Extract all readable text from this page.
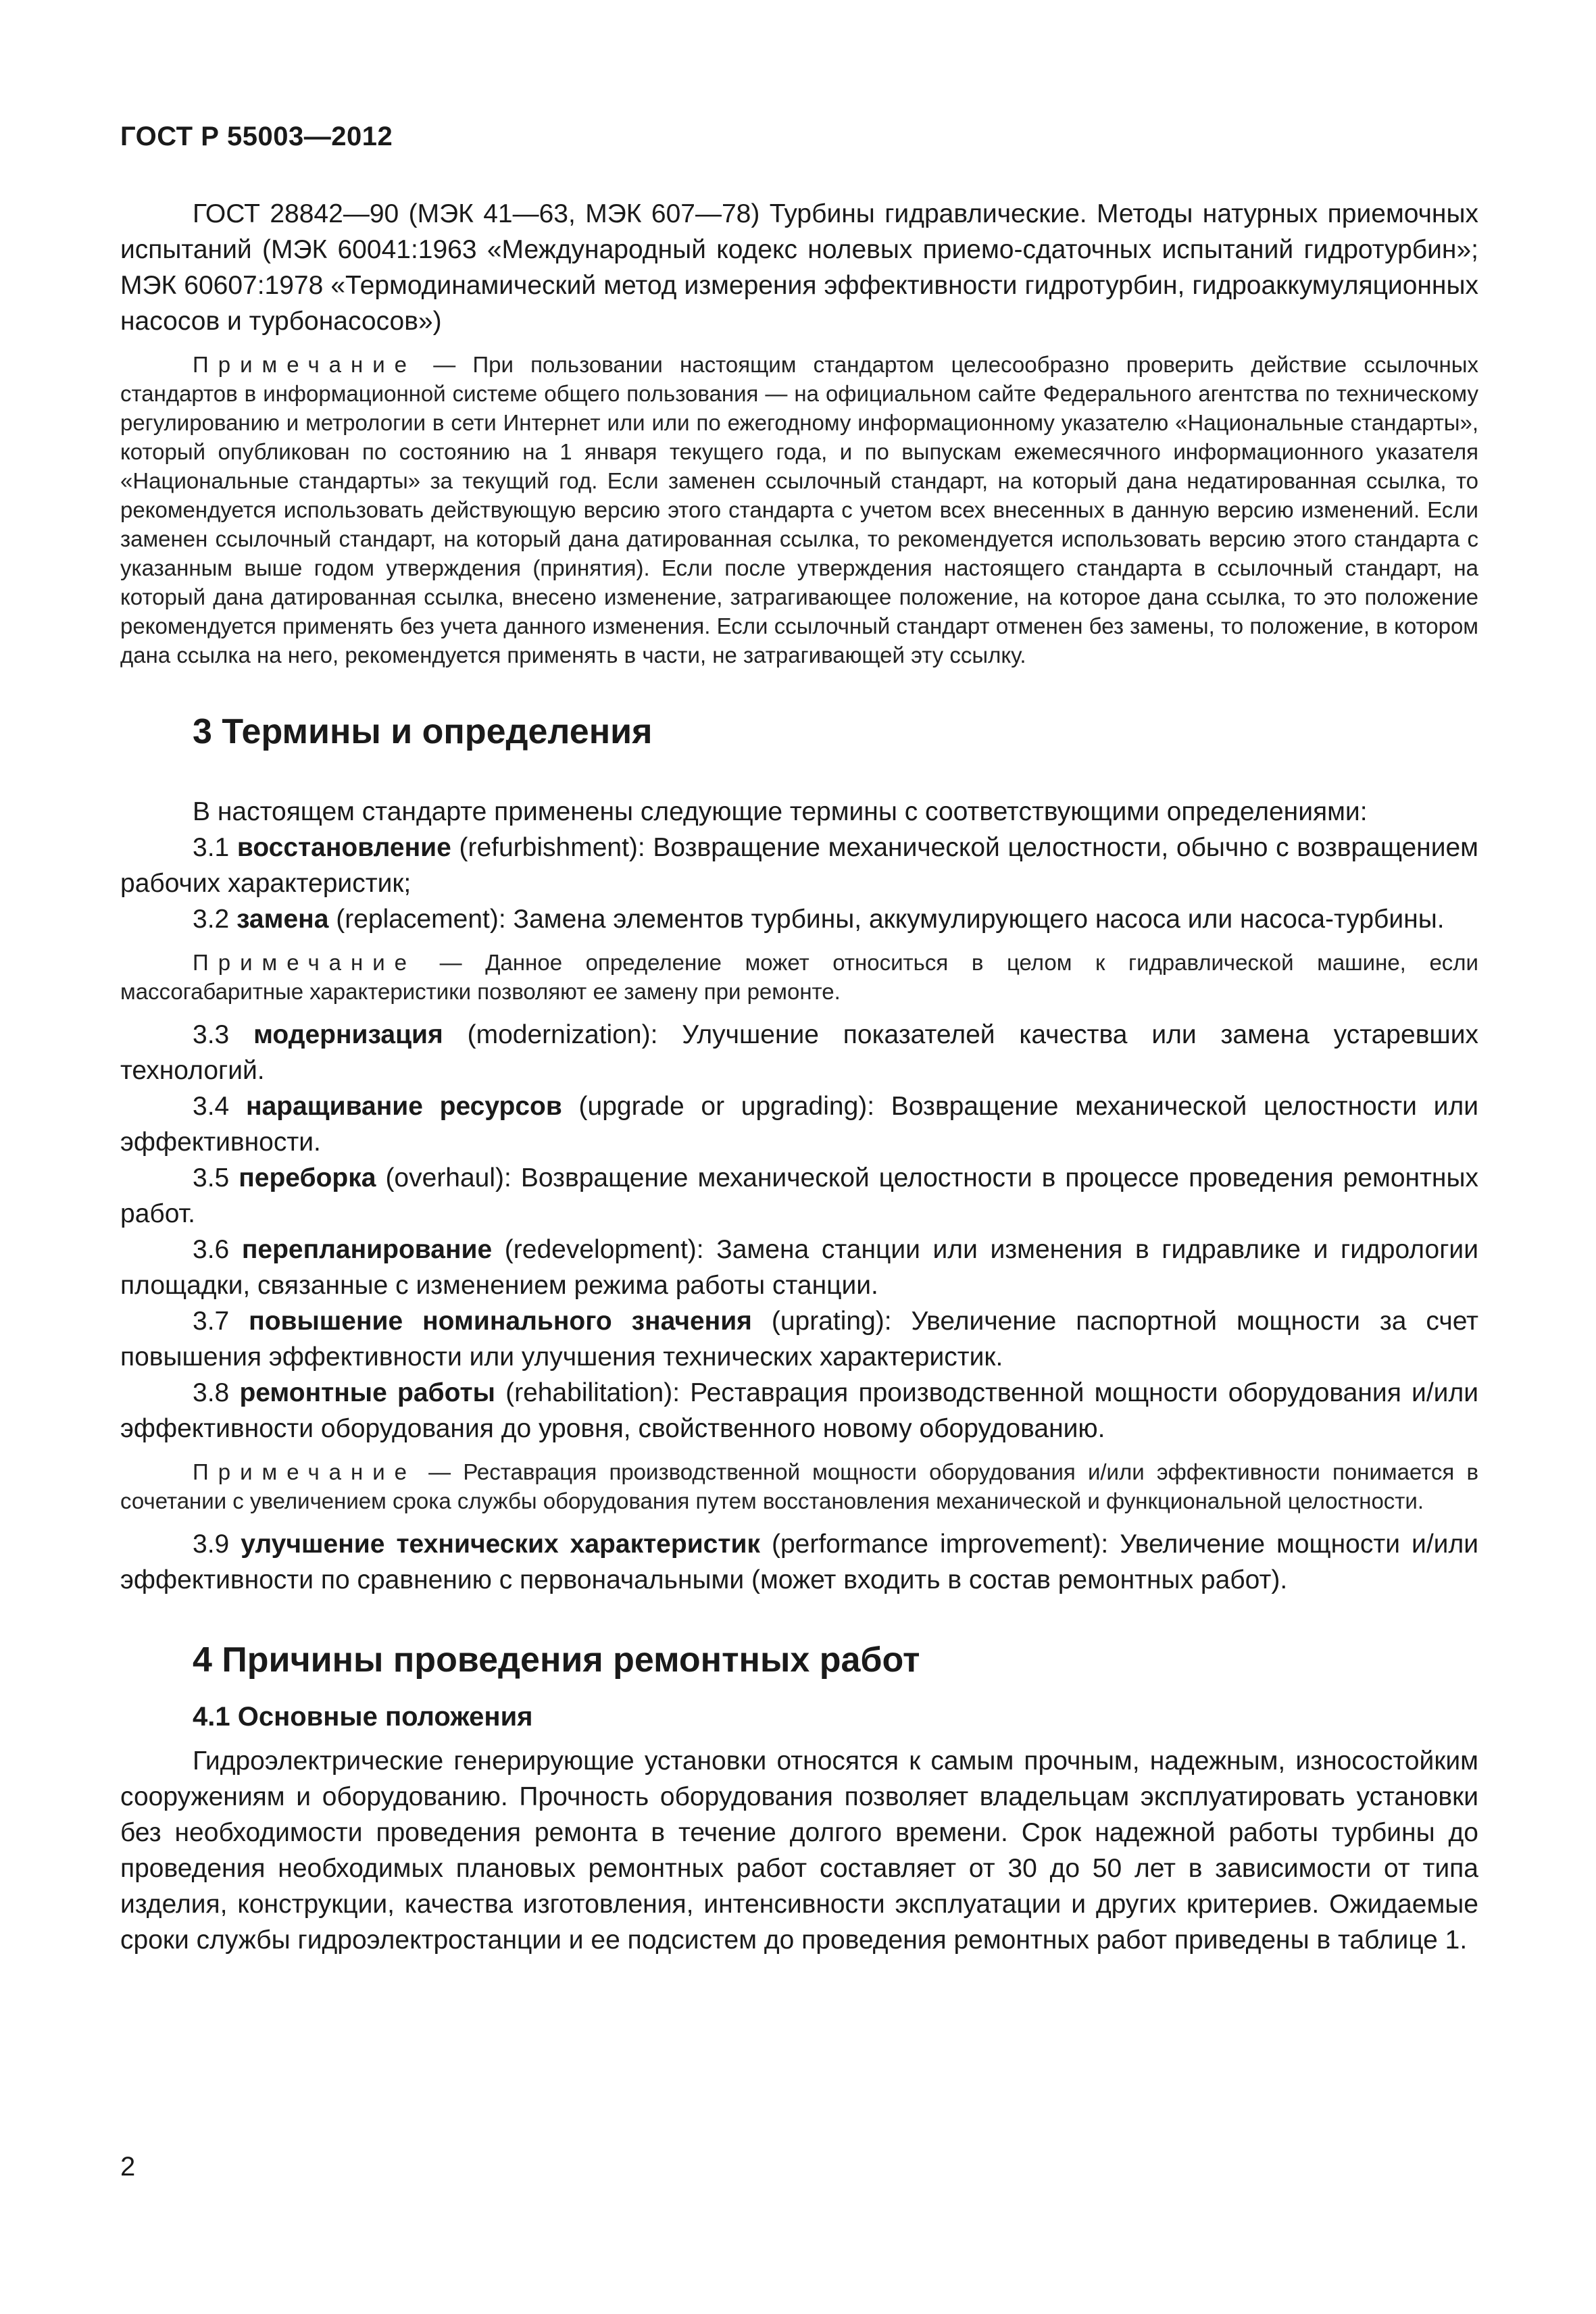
ГОСТ Р 55003—2012

ГОСТ 28842—90 (МЭК 41—63, МЭК 607—78) Турбины гидравлические. Методы натурных приемочных испытаний (МЭК 60041:1963 «Международный кодекс нолевых приемо-сдаточных испытаний гидротурбин»; МЭК 60607:1978 «Термодинамический метод измерения эффективности гидротурбин, гидроаккумуляционных насосов и турбонасосов»)

Примечание — При пользовании настоящим стандартом целесообразно проверить действие ссылочных стандартов в информационной системе общего пользования — на официальном сайте Федерального агентства по техническому регулированию и метрологии в сети Интернет или или по ежегодному информационному указателю «Национальные стандарты», который опубликован по состоянию на 1 января текущего года, и по выпускам ежемесячного информационного указателя «Национальные стандарты» за текущий год. Если заменен ссылочный стандарт, на который дана недатированная ссылка, то рекомендуется использовать действующую версию этого стандарта с учетом всех внесенных в данную версию изменений. Если заменен ссылочный стандарт, на который дана датированная ссылка, то рекомендуется использовать версию этого стандарта с указанным выше годом утверждения (принятия). Если после утверждения настоящего стандарта в ссылочный стандарт, на который дана датированная ссылка, внесено изменение, затрагивающее положение, на которое дана ссылка, то это положение рекомендуется применять без учета данного изменения. Если ссылочный стандарт отменен без замены, то положение, в котором дана ссылка на него, рекомендуется применять в части, не затрагивающей эту ссылку.

3 Термины и определения

В настоящем стандарте применены следующие термины с соответствующими определениями:

3.1 восстановление (refurbishment): Возвращение механической целостности, обычно с возвращением рабочих характеристик;

3.2 замена (replacement): Замена элементов турбины, аккумулирующего насоса или насоса-турбины.

Примечание — Данное определение может относиться в целом к гидравлической машине, если массогабаритные характеристики позволяют ее замену при ремонте.

3.3 модернизация (modernization): Улучшение показателей качества или замена устаревших технологий.

3.4 наращивание ресурсов (upgrade or upgrading): Возвращение механической целостности или эффективности.

3.5 переборка (overhaul): Возвращение механической целостности в процессе проведения ремонтных работ.

3.6 перепланирование (redevelopment): Замена станции или изменения в гидравлике и гидрологии площадки, связанные с изменением режима работы станции.

3.7 повышение номинального значения (uprating): Увеличение паспортной мощности за счет повышения эффективности или улучшения технических характеристик.

3.8 ремонтные работы (rehabilitation): Реставрация производственной мощности оборудования и/или эффективности оборудования до уровня, свойственного новому оборудованию.

Примечание — Реставрация производственной мощности оборудования и/или эффективности понимается в сочетании с увеличением срока службы оборудования путем восстановления механической и функциональной целостности.

3.9 улучшение технических характеристик (performance improvement): Увеличение мощности и/или эффективности по сравнению с первоначальными (может входить в состав ремонтных работ).

4 Причины проведения ремонтных работ
4.1 Основные положения

Гидроэлектрические генерирующие установки относятся к самым прочным, надежным, износостойким сооружениям и оборудованию. Прочность оборудования позволяет владельцам эксплуатировать установки без необходимости проведения ремонта в течение долгого времени. Срок надежной работы турбины до проведения необходимых плановых ремонтных работ составляет от 30 до 50 лет в зависимости от типа изделия, конструкции, качества изготовления, интенсивности эксплуатации и других критериев. Ожидаемые сроки службы гидроэлектростанции и ее подсистем до проведения ремонтных работ приведены в таблице 1.

2
